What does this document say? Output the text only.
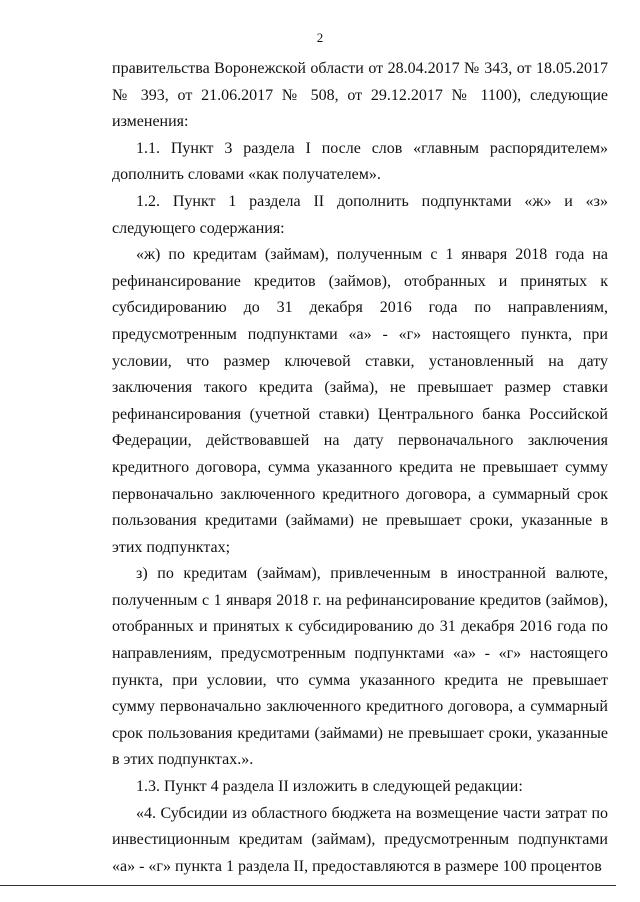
2

правительства Воронежской области от 28.04.2017 № 343, от 18.05.2017 № 393, от 21.06.2017 № 508, от 29.12.2017 № 1100), следующие изменения:

1.1. Пункт 3 раздела I после слов «главным распорядителем» дополнить словами «как получателем».

1.2. Пункт 1 раздела II дополнить подпунктами «ж» и «з» следующего содержания:

«ж) по кредитам (займам), полученным с 1 января 2018 года на рефинансирование кредитов (займов), отобранных и принятых к субсидированию до 31 декабря 2016 года по направлениям, предусмотренным подпунктами «а» - «г» настоящего пункта, при условии, что размер ключевой ставки, установленный на дату заключения такого кредита (займа), не превышает размер ставки рефинансирования (учетной ставки) Центрального банка Российской Федерации, действовавшей на дату первоначального заключения кредитного договора, сумма указанного кредита не превышает сумму первоначально заключенного кредитного договора, а суммарный срок пользования кредитами (займами) не превышает сроки, указанные в этих подпунктах;

з) по кредитам (займам), привлеченным в иностранной валюте, полученным с 1 января 2018 г. на рефинансирование кредитов (займов), отобранных и принятых к субсидированию до 31 декабря 2016 года по направлениям, предусмотренным подпунктами «а» - «г» настоящего пункта, при условии, что сумма указанного кредита не превышает сумму первоначально заключенного кредитного договора, а суммарный срок пользования кредитами (займами) не превышает сроки, указанные в этих подпунктах.».

1.3. Пункт 4 раздела II изложить в следующей редакции:

«4. Субсидии из областного бюджета на возмещение части затрат по инвестиционным кредитам (займам), предусмотренным подпунктами «а» - «г» пункта 1 раздела II, предоставляются в размере 100 процентов
